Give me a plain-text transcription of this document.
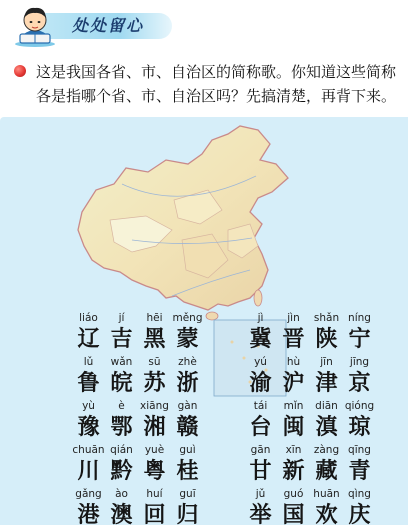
处处留心
这是我国各省、市、自治区的简称歌。你知道这些简称各是指哪个省、市、自治区吗？先搞清楚，再背下来。
liáo
辽
jí
吉
hēi
黑
měng
蒙
lǔ
鲁
wǎn
皖
sū
苏
zhè
浙
yù
豫
è
鄂
xiāng
湘
gàn
赣
chuān
川
qián
黔
yuè
粤
guì
桂
gǎng
港
ào
澳
huí
回
guī
归
jì
冀
jìn
晋
shǎn
陕
níng
宁
yú
渝
hù
沪
jīn
津
jīng
京
tái
台
mǐn
闽
diān
滇
qióng
琼
gān
甘
xīn
新
zàng
藏
qīng
青
jǔ
举
guó
国
huān
欢
qìng
庆
